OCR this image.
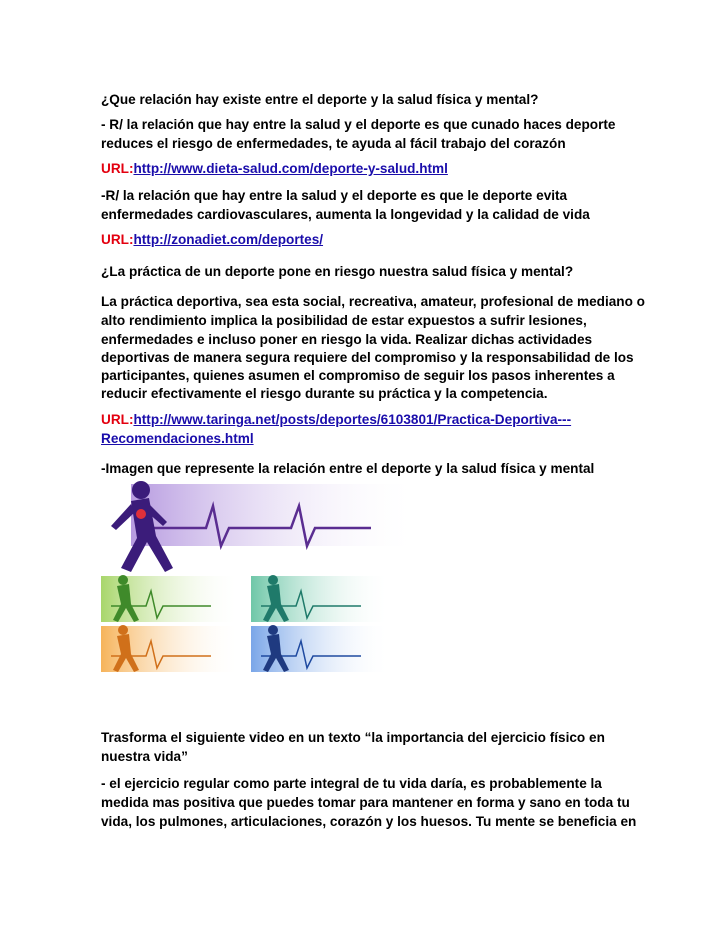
¿Que relación hay existe entre el deporte y la salud física y mental?

- R/ la relación que hay entre la salud y el deporte es que cunado haces deporte

reduces el riesgo de enfermedades, te ayuda al fácil trabajo del corazón

URL:http://www.dieta-salud.com/deporte-y-salud.html

-R/ la relación que hay entre la salud y el deporte es que le deporte evita

enfermedades cardiovasculares, aumenta la longevidad y la calidad de vida

URL:http://zonadiet.com/deportes/

¿La práctica de un deporte pone en riesgo nuestra salud física y mental?

La práctica deportiva, sea esta social, recreativa, amateur, profesional de mediano o

alto rendimiento implica la posibilidad de estar expuestos a sufrir lesiones,

enfermedades e incluso poner en riesgo la vida. Realizar dichas actividades

deportivas de manera segura requiere del compromiso y la responsabilidad de los

participantes, quienes asumen el compromiso de seguir los pasos inherentes a

reducir efectivamente el riesgo durante su práctica y la competencia.

URL:http://www.taringa.net/posts/deportes/6103801/Practica-Deportiva---

Recomendaciones.html

-Imagen que represente la relación entre el deporte y la salud física y mental

Trasforma el siguiente video en un texto “la importancia del ejercicio físico en

nuestra vida”

- el ejercicio regular como parte integral de tu vida daría, es probablemente la

medida mas positiva que puedes tomar para mantener en forma y sano en toda tu

vida, los pulmones, articulaciones, corazón y los huesos. Tu mente se beneficia en
